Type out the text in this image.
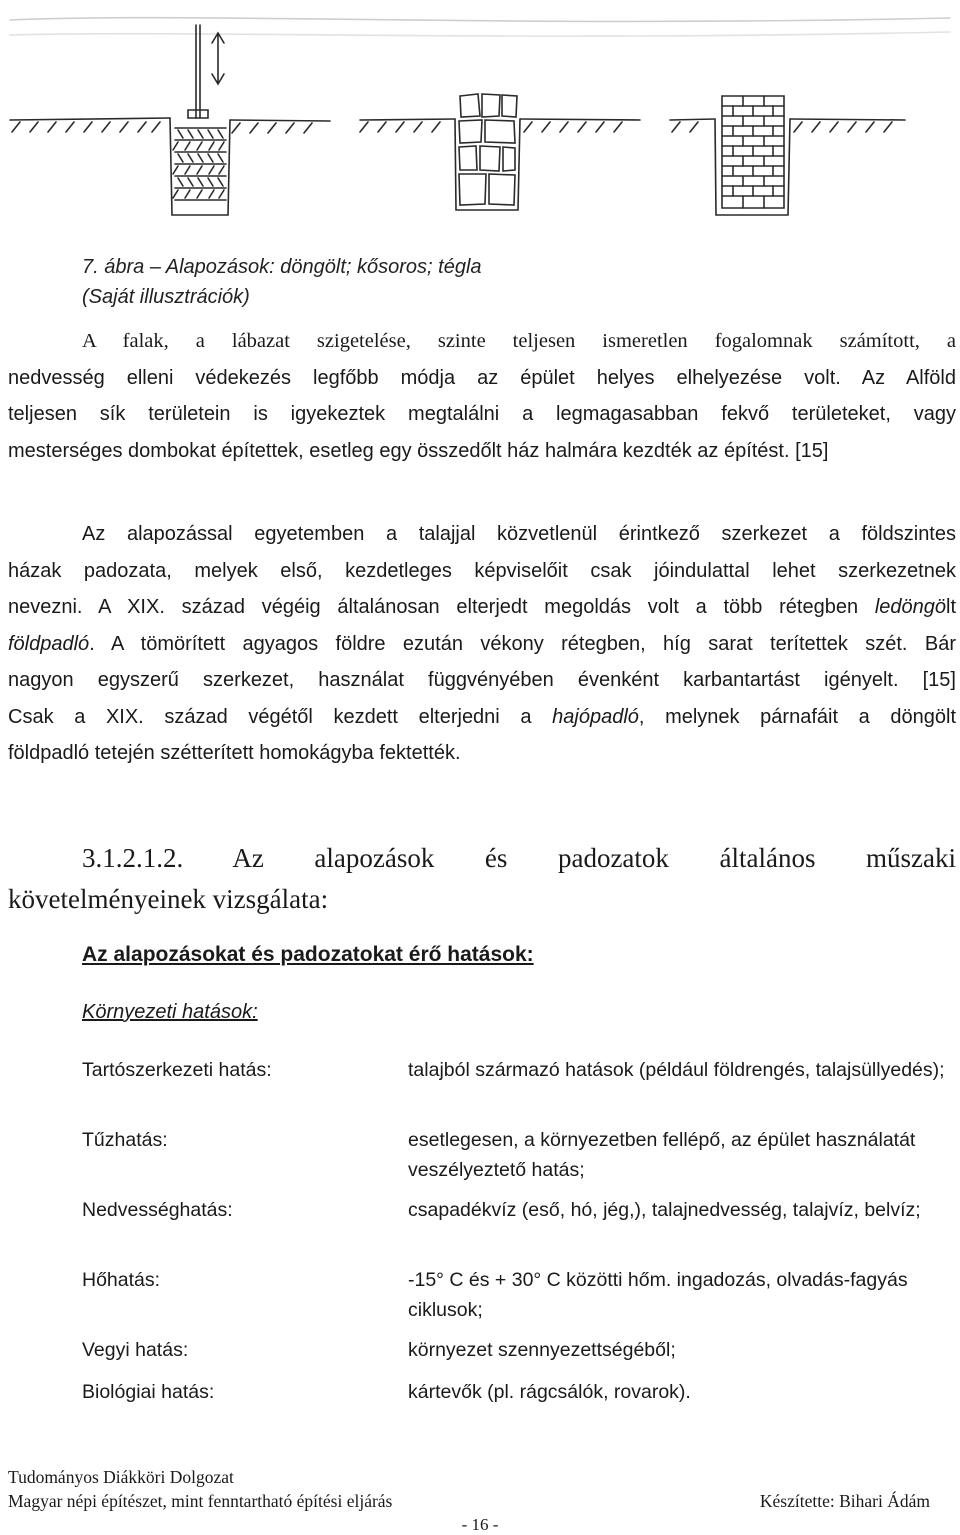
7. ábra – Alapozások: döngölt; kősoros; tégla
(Saját illusztrációk)
A falak, a lábazat szigetelése, szinte teljesen ismeretlen fogalomnak számított, a
nedvesség elleni védekezés legfőbb módja az épület helyes elhelyezése volt. Az Alföld
teljesen sík területein is igyekeztek megtalálni a legmagasabban fekvő területeket, vagy
mesterséges dombokat építettek, esetleg egy összedőlt ház halmára kezdték az építést. [15]
Az alapozással egyetemben a talajjal közvetlenül érintkező szerkezet a földszintes
házak padozata, melyek első, kezdetleges képviselőit csak jóindulattal lehet szerkezetnek
nevezni. A XIX. század végéig általánosan elterjedt megoldás volt a több rétegben ledöngölt
földpadló. A tömörített agyagos földre ezután vékony rétegben, híg sarat terítettek szét. Bár
nagyon egyszerű szerkezet, használat függvényében évenként karbantartást igényelt. [15]
Csak a XIX. század végétől kezdett elterjedni a hajópadló, melynek párnafáit a döngölt
földpadló tetején szétterített homokágyba fektették.
3.1.2.1.2. Az alapozások és padozatok általános műszaki
követelményeinek vizsgálata:
Az alapozásokat és padozatokat érő hatások:
Környezeti hatások:
Tartószerkezeti hatás:	talajból származó hatások (például földrengés, talajsüllyedés);
Tűzhatás:	esetlegesen, a környezetben fellépő, az épület használatát veszélyeztető hatás;
Nedvességhatás:	csapadékvíz (eső, hó, jég,), talajnedvesség, talajvíz, belvíz;
Hőhatás:	-15° C és + 30° C közötti hőm. ingadozás, olvadás-fagyás ciklusok;
Vegyi hatás:	környezet szennyezettségéből;
Biológiai hatás:	kártevők (pl. rágcsálók, rovarok).
Tudományos Diákköri Dolgozat
Magyar népi építészet, mint fenntartható építési eljárás	Készítette: Bihari Ádám
- 16 -
